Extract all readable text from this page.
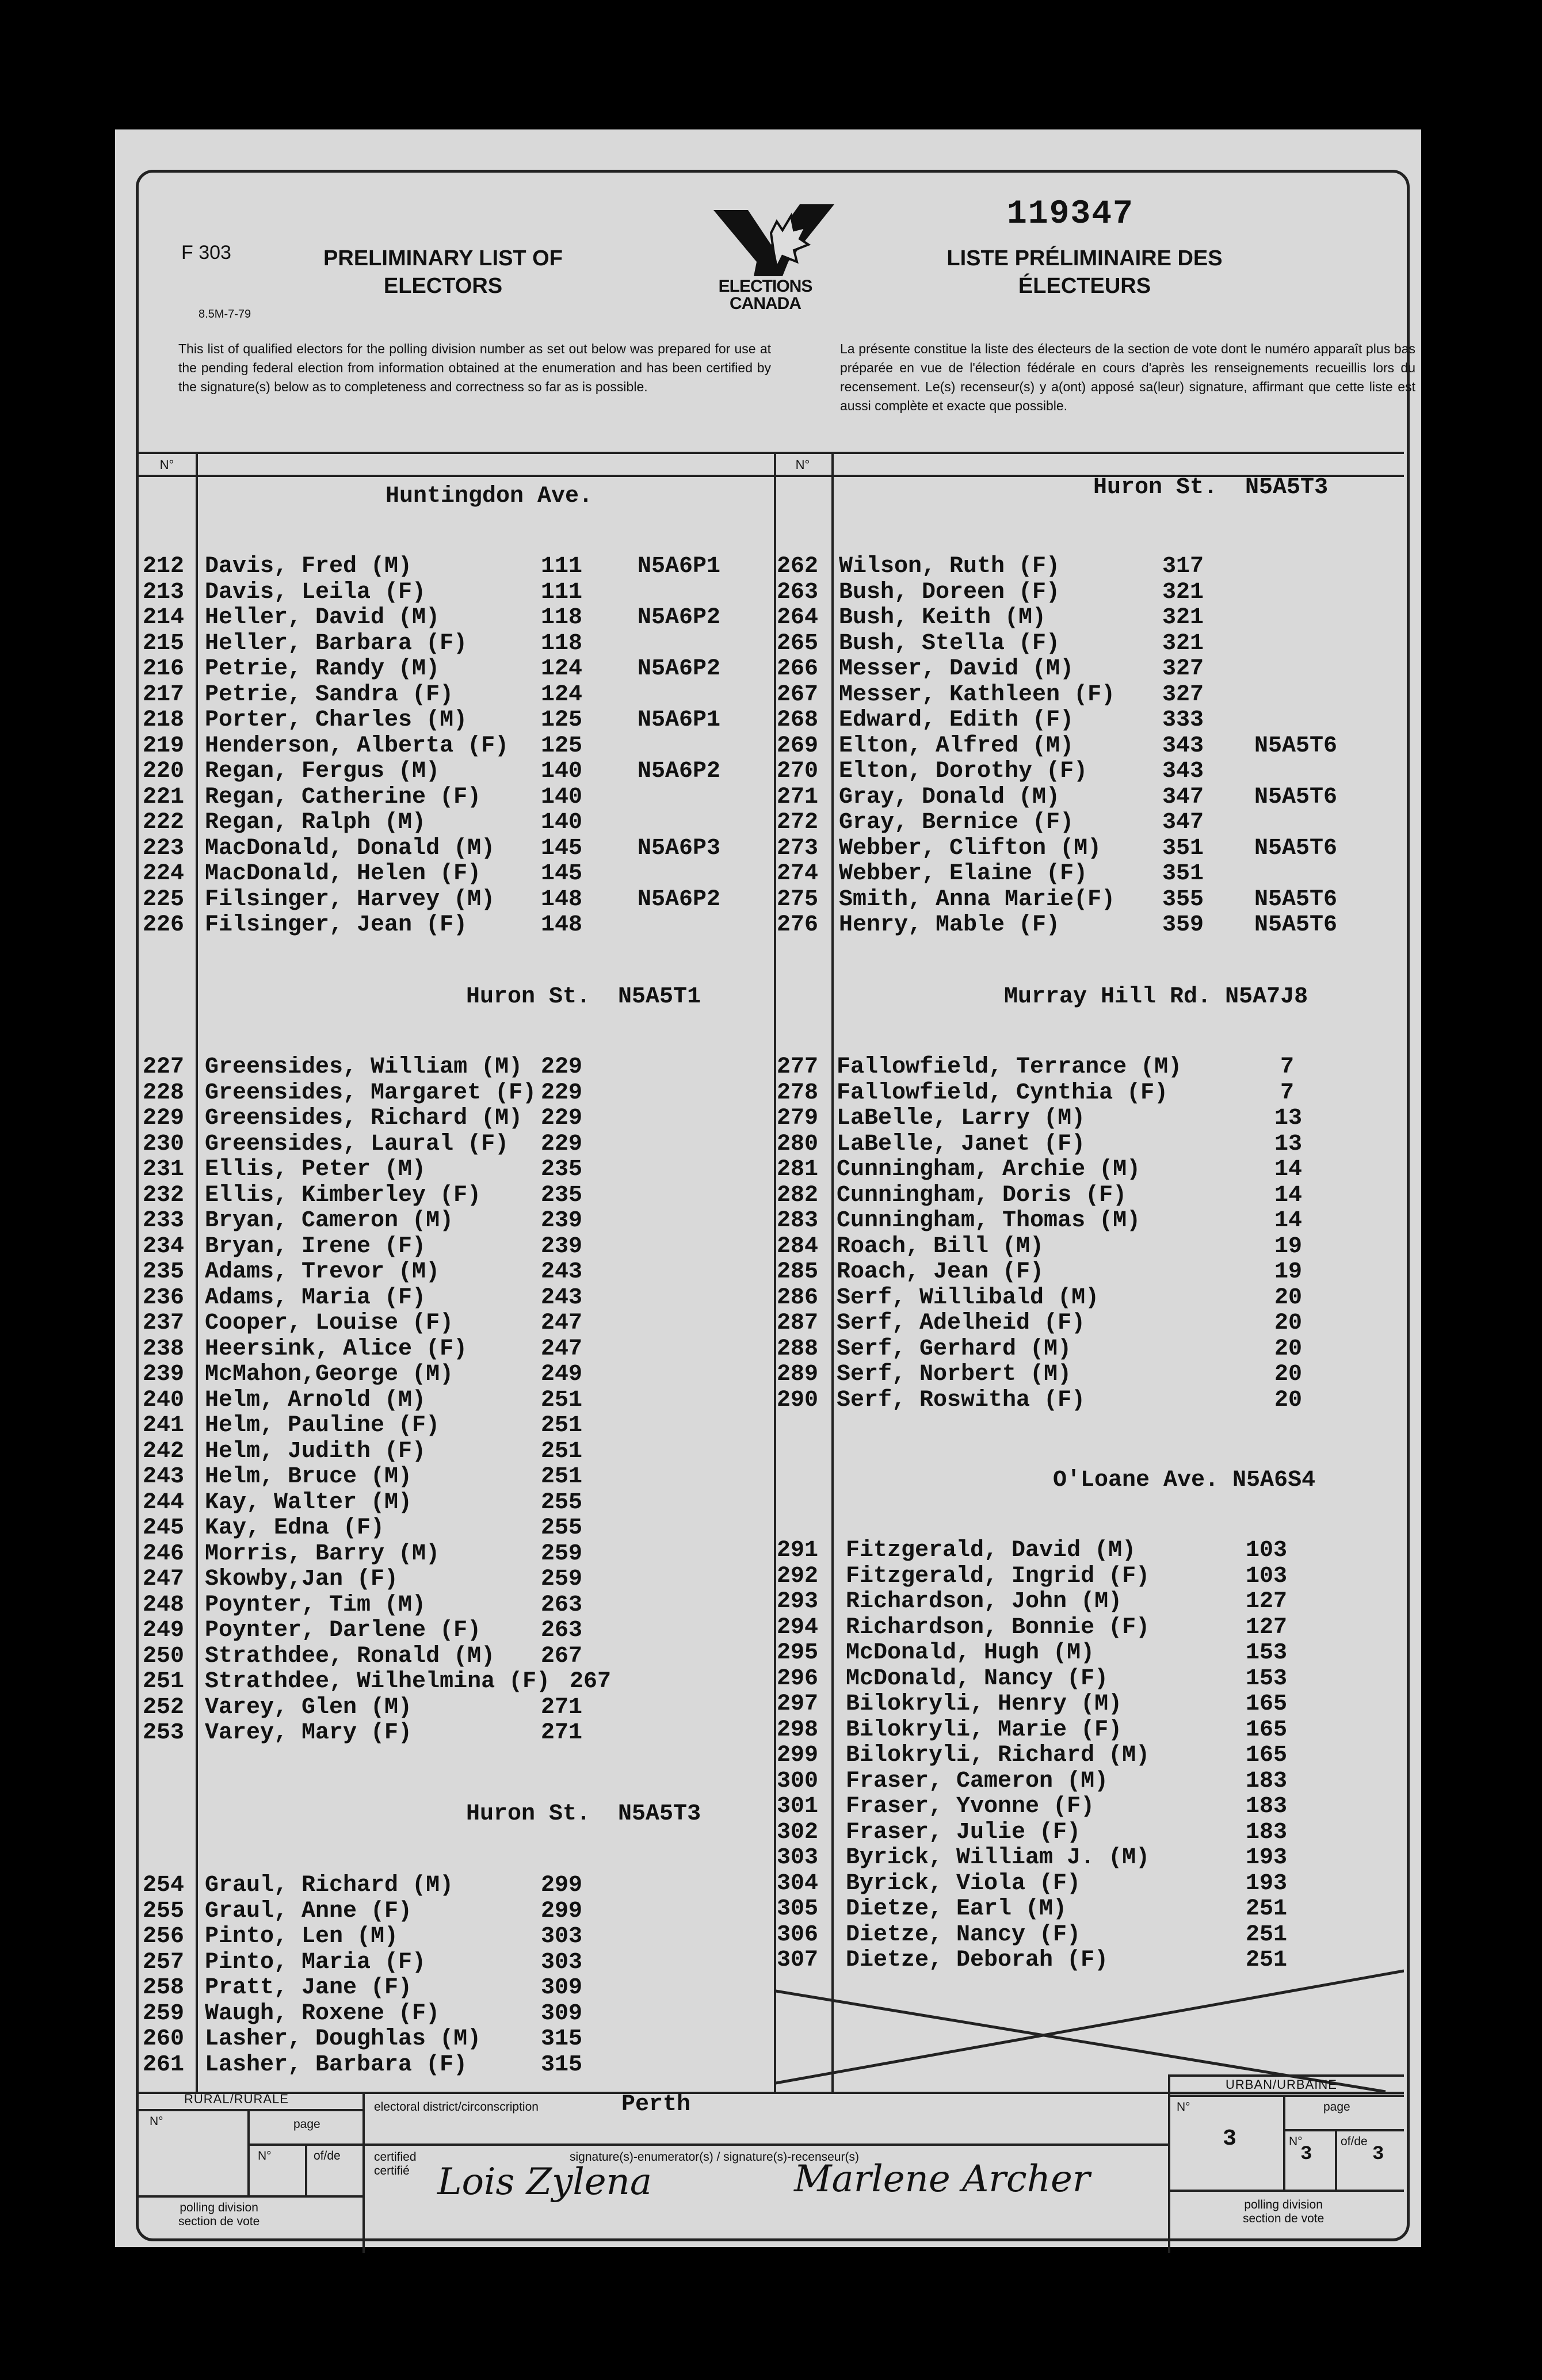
F 303
8.5M-7-79
PRELIMINARY LIST OF ELECTORS	ELECTIONS CANADA
119347
LISTE PRÉLIMINAIRE DES ÉLECTEURS
This list of qualified electors for the polling division number as set out below was prepared for use at the pending federal election from information obtained at the enumeration and has been certified by the signature(s) below as to completeness and correctness so far as is possible.
La présente constitue la liste des électeurs de la section de vote dont le numéro apparaît plus bas préparée en vue de l'élection fédérale en cours d'après les renseignements recueillis lors du recensement. Le(s) recenseur(s) y a(ont) apposé sa(leur) signature, affirmant que cette liste est aussi complète et exacte que possible.
N°	N°
Huntingdon Ave.
212 Davis, Fred (M)	111 N5A6P1
213 Davis, Leila (F)	111
214 Heller, David (M)	118 N5A6P2
215 Heller, Barbara (F)	118
216 Petrie, Randy (M)	124 N5A6P2
217 Petrie, Sandra (F)	124
218 Porter, Charles (M)	125 N5A6P1
219 Henderson, Alberta (F) 125
220 Regan, Fergus (M)	140 N5A6P2
221 Regan, Catherine (F)	140
222 Regan, Ralph (M)	140
223 MacDonald, Donald (M) 145 N5A6P3
224 MacDonald, Helen (F)	145
225 Filsinger, Harvey (M) 148 N5A6P2
226 Filsinger, Jean (F)	148
Huron St.  N5A5T1
227 Greensides, William (M) 229
228 Greensides, Margaret (F) 229
229 Greensides, Richard (M) 229
230 Greensides, Laural (F) 229
231 Ellis, Peter (M)	235
232 Ellis, Kimberley (F)	235
233 Bryan, Cameron (M)	239
234 Bryan, Irene (F)	239
235 Adams, Trevor (M)	243
236 Adams, Maria (F)	243
237 Cooper, Louise (F)	247
238 Heersink, Alice (F)	247
239 McMahon,George (M)	249
240 Helm, Arnold (M)	251
241 Helm, Pauline (F)	251
242 Helm, Judith (F)	251
243 Helm, Bruce (M)	251
244 Kay, Walter (M)	255
245 Kay, Edna (F)	255
246 Morris, Barry (M)	259
247 Skowby,Jan (F)	259
248 Poynter, Tim (M)	263
249 Poynter, Darlene (F)	263
250 Strathdee, Ronald (M) 267
251 Strathdee, Wilhelmina (F) 267
252 Varey, Glen (M)	271
253 Varey, Mary (F)	271
Huron St.  N5A5T3
254 Graul, Richard (M)	299
255 Graul, Anne (F)	299
256 Pinto, Len (M)	303
257 Pinto, Maria (F)	303
258 Pratt, Jane (F)	309
259 Waugh, Roxene (F)	309
260 Lasher, Doughlas (M)	315
261 Lasher, Barbara (F)	315
Huron St.  N5A5T3
262 Wilson, Ruth (F)	317
263 Bush, Doreen (F)	321
264 Bush, Keith (M)	321
265 Bush, Stella (F)	321
266 Messer, David (M)	327
267 Messer, Kathleen (F) 327
268 Edward, Edith (F)	333
269 Elton, Alfred (M)	343 N5A5T6
270 Elton, Dorothy (F)	343
271 Gray, Donald (M)	347 N5A5T6
272 Gray, Bernice (F)	347
273 Webber, Clifton (M)	351 N5A5T6
274 Webber, Elaine (F)	351
275 Smith, Anna Marie(F) 355 N5A5T6
276 Henry, Mable (F)	359 N5A5T6
Murray Hill Rd. N5A7J8
277 Fallowfield, Terrance (M)	7
278 Fallowfield, Cynthia (F)	7
279 LaBelle, Larry (M)	13
280 LaBelle, Janet (F)	13
281 Cunningham, Archie (M)	14
282 Cunningham, Doris (F)	14
283 Cunningham, Thomas (M)	14
284 Roach, Bill (M)	19
285 Roach, Jean (F)	19
286 Serf, Willibald (M)	20
287 Serf, Adelheid (F)	20
288 Serf, Gerhard (M)	20
289 Serf, Norbert (M)	20
290 Serf, Roswitha (F)	20
O'Loane Ave. N5A6S4
291 Fitzgerald, David (M)	103
292 Fitzgerald, Ingrid (F)	103
293 Richardson, John (M)	127
294 Richardson, Bonnie (F)	127
295 McDonald, Hugh (M)	153
296 McDonald, Nancy (F)	153
297 Bilokryli, Henry (M)	165
298 Bilokryli, Marie (F)	165
299 Bilokryli, Richard (M)	165
300 Fraser, Cameron (M)	183
301 Fraser, Yvonne (F)	183
302 Fraser, Julie (F)	183
303 Byrick, William J. (M)	193
304 Byrick, Viola (F)	193
305 Dietze, Earl (M)	251
306 Dietze, Nancy (F)	251
307 Dietze, Deborah (F)	251
RURAL/RURALE
N°	page
N°	of/de
polling division
section de vote
electoral district/circonscription	Perth
certified
certifié
signature(s)-enumerator(s) / signature(s)-recenseur(s)
Lois Zylena	Marlene Archer
URBAN/URBAINE
N°
3
page
N°
3
of/de
3
polling division
section de vote
